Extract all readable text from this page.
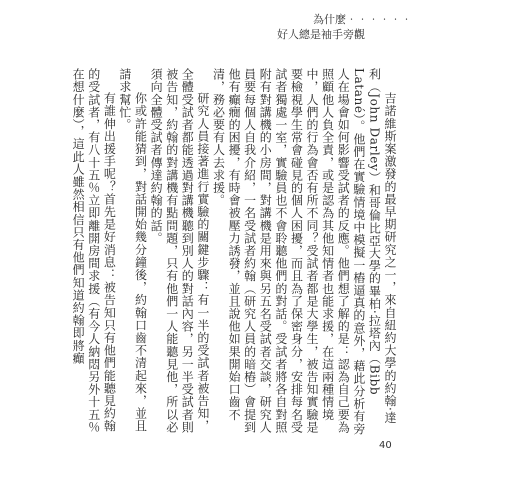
為什麼‧‧‧‧‧‧
好人總是袖手旁觀

吉諾維斯案激發的最早期研究之一，來自紐約大學的約翰‧達利（John Darley）和哥倫比亞大學的畢柏‧拉塔內（Bibb Latané）。他們在實驗情境中模擬一樁逼真的意外，藉此分析有旁人在場會如何影響受試者的反應。他們想了解的是：認為自己要為照顧他人負全責，或是認為其他知情者也能求援，在這兩種情境中，人們的行為會否有所不同？受試者都是大學生，被告知實驗是要檢視學生常會碰見的個人困擾，而且為了保密身分，安排每名受試者獨處一室，實驗員也不會聆聽他們的對話。受試者將各自對照附有對講機的小房間，對講機是用來與另五名受試者交談，研究人員要每個人自我介紹，一名受試者約翰（研究人員的暗樁）會提到他有癲癇的困擾，有時會被壓力誘發，並且說他如果開始口齒不清，務必要有人去求援。

研究人員接著進行實驗的關鍵步驟：有一半的受試者被告知，全體受試者都能透過對講機聽到別人的對話內容，另一半受試者則被告知，約翰的對講機有點問題，只有他們一人能聽見他，所以必須向全體受試者傳達約翰的話。

你或許能猜到，對話開始幾分鐘後，約翰口齒不清起來，並且請求幫忙。

有誰伸出援手呢？首先是好消息：被告知只有他們能聽見約翰的受試者，有八十五％立即離開房間求援（有今人納悶另外十五％在想什麼），這此人雖然相信只有他們知道約翰即將癲

40
